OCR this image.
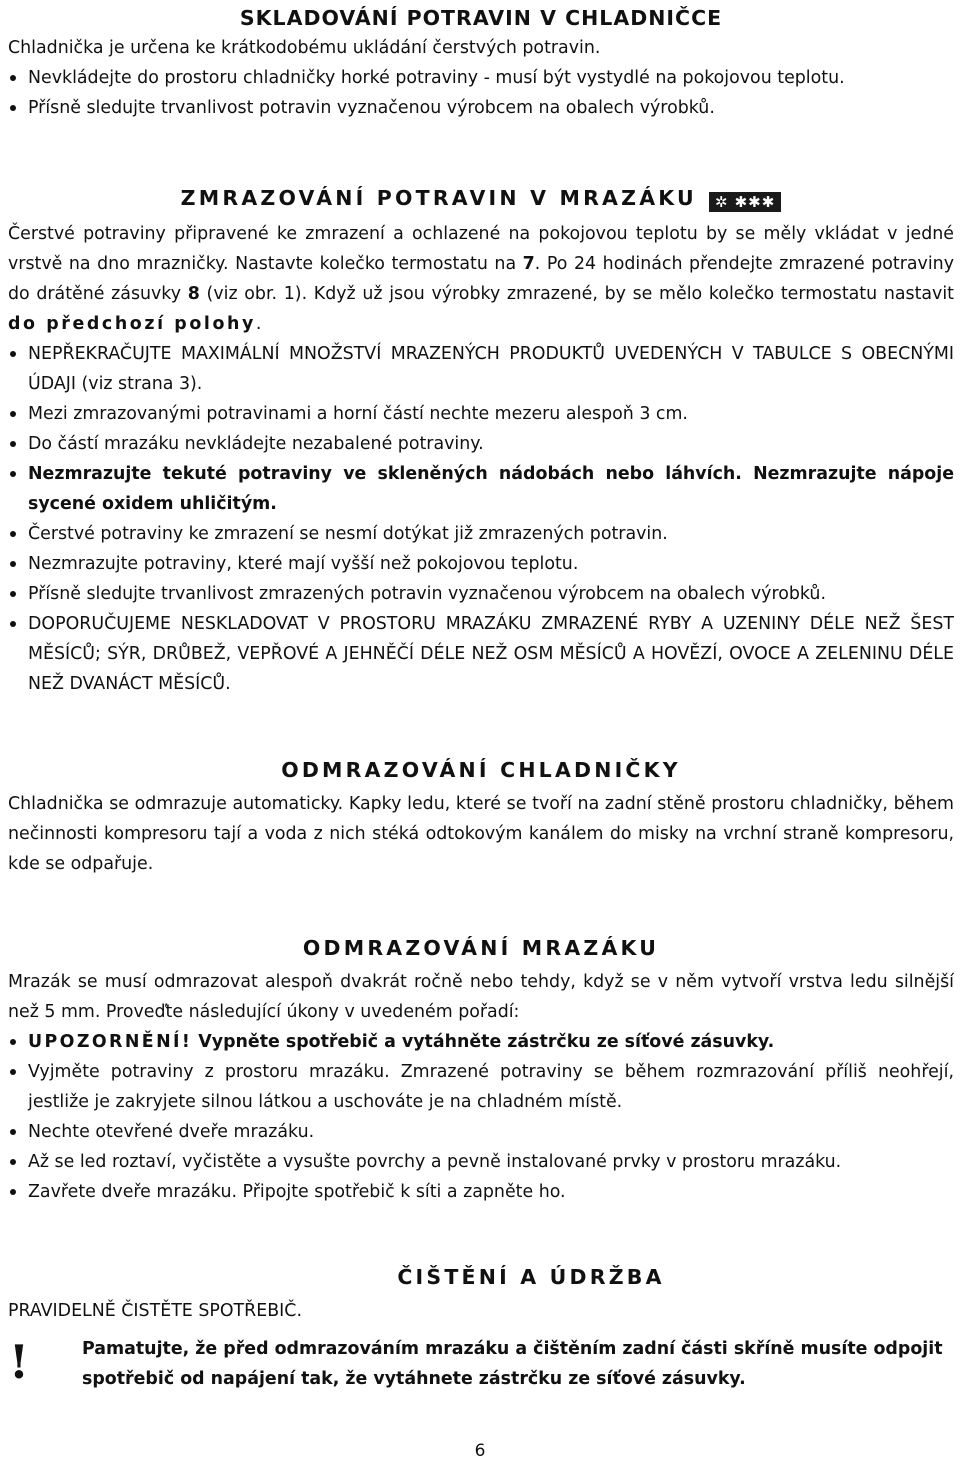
SKLADOVÁNÍ POTRAVIN V CHLADNIČCE

Chladnička je určena ke krátkodobému ukládání čerstvých potravin.

Nevkládejte do prostoru chladničky horké potraviny - musí být vystydlé na pokojovou teplotu.
Přísně sledujte trvanlivost potravin vyznačenou výrobcem na obalech výrobků.
ZMRAZOVÁNÍ POTRAVIN V MRAZÁKU ✲ ✱✱✱

Čerstvé potraviny připravené ke zmrazení a ochlazené na pokojovou teplotu by se měly vkládat v jedné vrstvě na dno mrazničky. Nastavte kolečko termostatu na 7. Po 24 hodinách přendejte zmrazené potraviny do drátěné zásuvky 8 (viz obr. 1). Když už jsou výrobky zmrazené, by se mělo kolečko termostatu nastavit do předchozí polohy.

NEPŘEKRAČUJTE MAXIMÁLNÍ MNOŽSTVÍ MRAZENÝCH PRODUKTŮ UVEDENÝCH V TABULCE S OBECNÝMI ÚDAJI (viz strana 3).
Mezi zmrazovanými potravinami a horní částí nechte mezeru alespoň 3 cm.
Do částí mrazáku nevkládejte nezabalené potraviny.
Nezmrazujte tekuté potraviny ve skleněných nádobách nebo láhvích. Nezmrazujte nápoje sycené oxidem uhličitým.
Čerstvé potraviny ke zmrazení se nesmí dotýkat již zmrazených potravin.
Nezmrazujte potraviny, které mají vyšší než pokojovou teplotu.
Přísně sledujte trvanlivost zmrazených potravin vyznačenou výrobcem na obalech výrobků.
DOPORUČUJEME NESKLADOVAT V PROSTORU MRAZÁKU ZMRAZENÉ RYBY A UZENINY DÉLE NEŽ ŠEST MĚSÍCŮ; SÝR, DRŮBEŽ, VEPŘOVÉ A JEHNĚČÍ DÉLE NEŽ OSM MĚSÍCŮ A HOVĚZÍ, OVOCE A ZELENINU DÉLE NEŽ DVANÁCT MĚSÍCŮ.
ODMRAZOVÁNÍ CHLADNIČKY

Chladnička se odmrazuje automaticky. Kapky ledu, které se tvoří na zadní stěně prostoru chladničky, během nečinnosti kompresoru tají a voda z nich stéká odtokovým kanálem do misky na vrchní straně kompresoru, kde se odpařuje.

ODMRAZOVÁNÍ MRAZÁKU

Mrazák se musí odmrazovat alespoň dvakrát ročně nebo tehdy, když se v něm vytvoří vrstva ledu silnější než 5 mm. Proveďte následující úkony v uvedeném pořadí:

UPOZORNĚNÍ! Vypněte spotřebič a vytáhněte zástrčku ze síťové zásuvky.
Vyjměte potraviny z prostoru mrazáku. Zmrazené potraviny se během rozmrazování příliš neohřejí, jestliže je zakryjete silnou látkou a uschováte je na chladném místě.
Nechte otevřené dveře mrazáku.
Až se led roztaví, vyčistěte a vysušte povrchy a pevně instalované prvky v prostoru mrazáku.
Zavřete dveře mrazáku. Připojte spotřebič k síti a zapněte ho.
ČIŠTĚNÍ A ÚDRŽBA

PRAVIDELNĚ ČISTĚTE SPOTŘEBIČ.

!	Pamatujte, že před odmrazováním mrazáku a čištěním zadní části skříně musíte odpojit spotřebič od napájení tak, že vytáhnete zástrčku ze síťové zásuvky.

6
